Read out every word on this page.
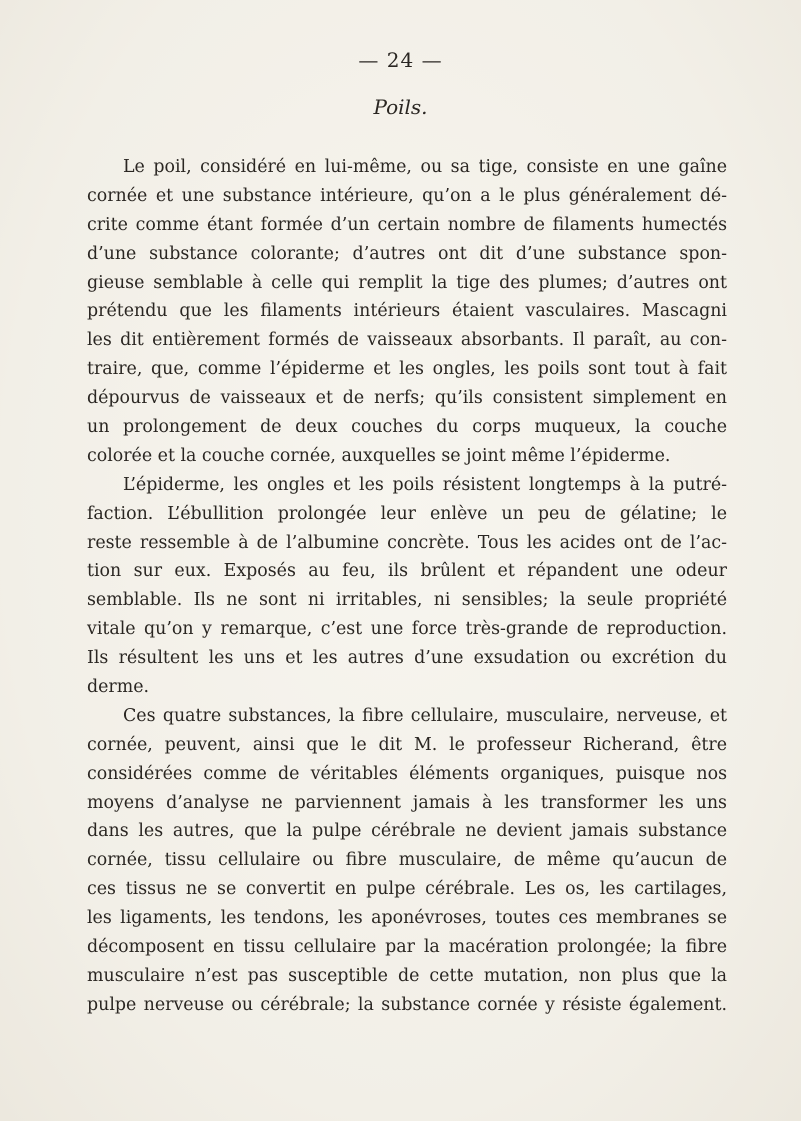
— 24 —
Poils.
Le poil, considéré en lui-même, ou sa tige, consiste en une gaîne
cornée et une substance intérieure, qu’on a le plus généralement dé-
crite comme étant formée d’un certain nombre de filaments humectés
d’une substance colorante; d’autres ont dit d’une substance spon-
gieuse semblable à celle qui remplit la tige des plumes; d’autres ont
prétendu que les filaments intérieurs étaient vasculaires. Mascagni
les dit entièrement formés de vaisseaux absorbants. Il paraît, au con-
traire, que, comme l’épiderme et les ongles, les poils sont tout à fait
dépourvus de vaisseaux et de nerfs; qu’ils consistent simplement en
un prolongement de deux couches du corps muqueux, la couche
colorée et la couche cornée, auxquelles se joint même l’épiderme.
L’épiderme, les ongles et les poils résistent longtemps à la putré-
faction. L’ébullition prolongée leur enlève un peu de gélatine; le
reste ressemble à de l’albumine concrète. Tous les acides ont de l’ac-
tion sur eux. Exposés au feu, ils brûlent et répandent une odeur
semblable. Ils ne sont ni irritables, ni sensibles; la seule propriété
vitale qu’on y remarque, c’est une force très-grande de reproduction.
Ils résultent les uns et les autres d’une exsudation ou excrétion du
derme.
Ces quatre substances, la fibre cellulaire, musculaire, nerveuse, et
cornée, peuvent, ainsi que le dit M. le professeur Richerand, être
considérées comme de véritables éléments organiques, puisque nos
moyens d’analyse ne parviennent jamais à les transformer les uns
dans les autres, que la pulpe cérébrale ne devient jamais substance
cornée, tissu cellulaire ou fibre musculaire, de même qu’aucun de
ces tissus ne se convertit en pulpe cérébrale. Les os, les cartilages,
les ligaments, les tendons, les aponévroses, toutes ces membranes se
décomposent en tissu cellulaire par la macération prolongée; la fibre
musculaire n’est pas susceptible de cette mutation, non plus que la
pulpe nerveuse ou cérébrale; la substance cornée y résiste également.
